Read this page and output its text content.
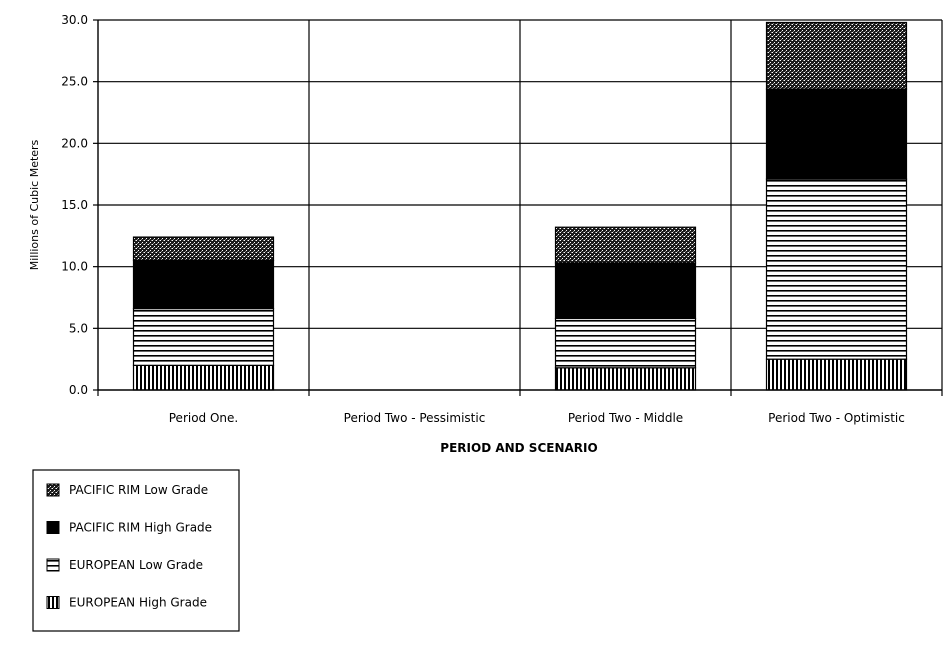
0.0
5.0
10.0
15.0
20.0
25.0
30.0
Period One.	Period Two - Pessimistic	Period Two - Middle	Period Two - Optimistic
PERIOD AND SCENARIO
Millions of Cubic Meters
PACIFIC RIM Low Grade
PACIFIC RIM High Grade
EUROPEAN Low Grade
EUROPEAN High Grade
